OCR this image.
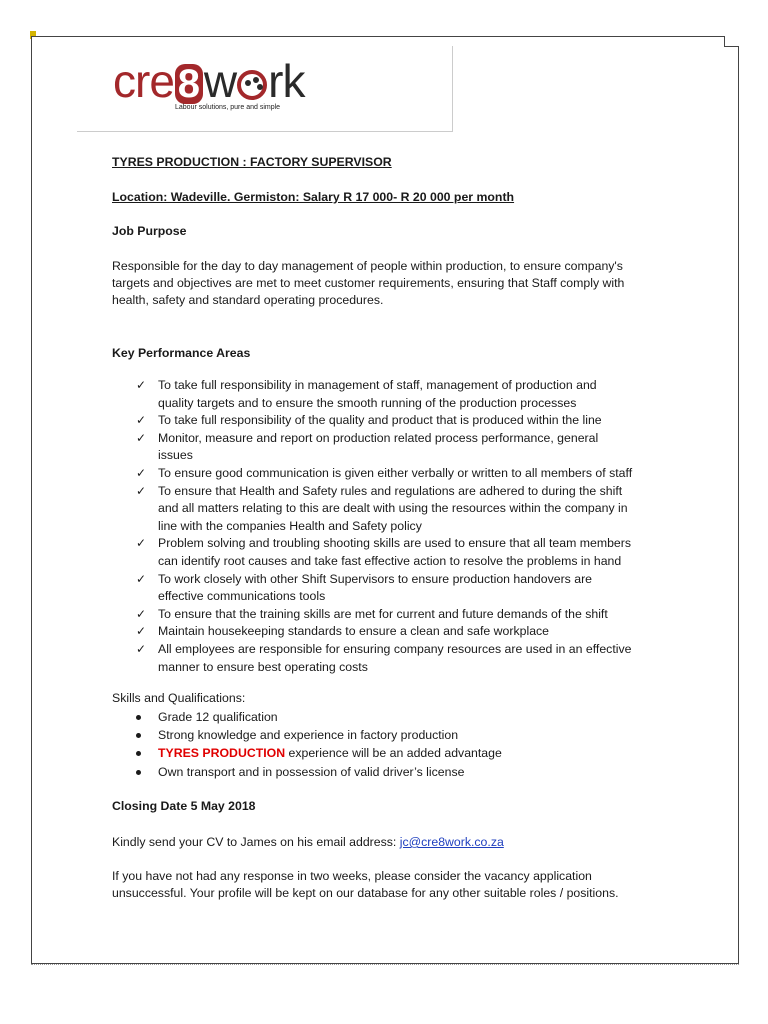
cre 8 w rk
Labour solutions, pure and simple
TYRES PRODUCTION : FACTORY SUPERVISOR
Location: Wadeville. Germiston: Salary R 17 000- R 20 000 per month
Job Purpose
Responsible for the day to day management of people within production, to ensure company's
targets and objectives are met to meet customer requirements, ensuring that Staff comply with
health, safety and standard operating procedures.
Key Performance Areas
✓ To take full responsibility in management of staff, management of production and
quality targets and to ensure the smooth running of the production processes
✓ To take full responsibility of the quality and product that is produced within the line
✓ Monitor, measure and report on production related process performance, general
issues
✓ To ensure good communication is given either verbally or written to all members of staff
✓ To ensure that Health and Safety rules and regulations are adhered to during the shift
and all matters relating to this are dealt with using the resources within the company in
line with the companies Health and Safety policy
✓ Problem solving and troubling shooting skills are used to ensure that all team members
can identify root causes and take fast effective action to resolve the problems in hand
✓ To work closely with other Shift Supervisors to ensure production handovers are
effective communications tools
✓ To ensure that the training skills are met for current and future demands of the shift
✓ Maintain housekeeping standards to ensure a clean and safe workplace
✓ All employees are responsible for ensuring company resources are used in an effective
manner to ensure best operating costs
Skills and Qualifications:
Grade 12 qualification
Strong knowledge and experience in factory production
TYRES PRODUCTION experience will be an added advantage
Own transport and in possession of valid driver’s license
Closing Date 5 May 2018
Kindly send your CV to James on his email address: jc@cre8work.co.za
If you have not had any response in two weeks, please consider the vacancy application
unsuccessful. Your profile will be kept on our database for any other suitable roles / positions.
